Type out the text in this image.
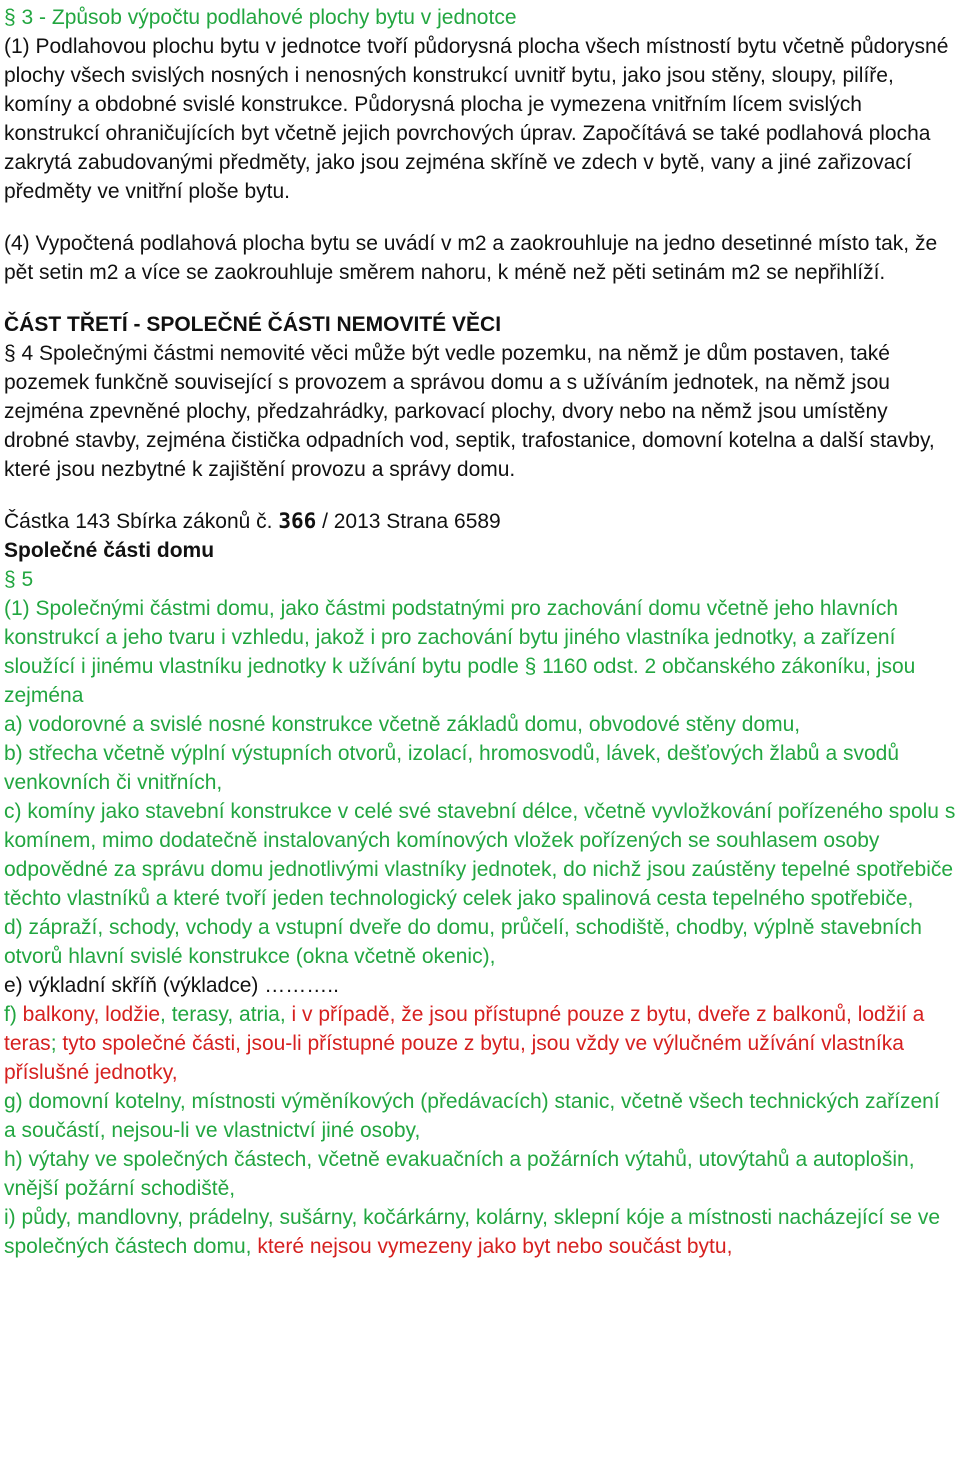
§ 3 - Způsob výpočtu podlahové plochy bytu v jednotce

(1) Podlahovou plochu bytu v jednotce tvoří půdorysná plocha všech místností bytu včetně půdorysné plochy všech svislých nosných i nenosných konstrukcí uvnitř bytu, jako jsou stěny, sloupy, pilíře, komíny a obdobné svislé konstrukce. Půdorysná plocha je vymezena vnitřním lícem svislých konstrukcí ohraničujících byt včetně jejich povrchových úprav. Započítává se také podlahová plocha zakrytá zabudovanými předměty, jako jsou zejména skříně ve zdech v bytě, vany a jiné zařizovací předměty ve vnitřní ploše bytu.

(4) Vypočtená podlahová plocha bytu se uvádí v m2 a zaokrouhluje na jedno desetinné místo tak, že pět setin m2 a více se zaokrouhluje směrem nahoru, k méně než pěti setinám m2 se nepřihlíží.

ČÁST TŘETÍ - SPOLEČNÉ ČÁSTI NEMOVITÉ VĚCI

§ 4 Společnými částmi nemovité věci může být vedle pozemku, na němž je dům postaven, také pozemek funkčně související s provozem a správou domu a s užíváním jednotek, na němž jsou zejména zpevněné plochy, předzahrádky, parkovací plochy, dvory nebo na němž jsou umístěny drobné stavby, zejména čistička odpadních vod, septik, trafostanice, domovní kotelna a další stavby, které jsou nezbytné k zajištění provozu a správy domu.

Částka 143 Sbírka zákonů č. 366 / 2013 Strana 6589

Společné části domu

§ 5

(1) Společnými částmi domu, jako částmi podstatnými pro zachování domu včetně jeho hlavních konstrukcí a jeho tvaru i vzhledu, jakož i pro zachování bytu jiného vlastníka jednotky, a zařízení sloužící i jinému vlastníku jednotky k užívání bytu podle § 1160 odst. 2 občanského zákoníku, jsou zejména

a) vodorovné a svislé nosné konstrukce včetně základů domu, obvodové stěny domu,

b) střecha včetně výplní výstupních otvorů, izolací, hromosvodů, lávek, dešťových žlabů a svodů venkovních či vnitřních,

c) komíny jako stavební konstrukce v celé své stavební délce, včetně vyvložkování pořízeného spolu s komínem, mimo dodatečně instalovaných komínových vložek pořízených se souhlasem osoby odpovědné za správu domu jednotlivými vlastníky jednotek, do nichž jsou zaústěny tepelné spotřebiče těchto vlastníků a které tvoří jeden technologický celek jako spalinová cesta tepelného spotřebiče,

d) zápraží, schody, vchody a vstupní dveře do domu, průčelí, schodiště, chodby, výplně stavebních otvorů hlavní svislé konstrukce (okna včetně okenic),

e) výkladní skříň (výkladce) ………..

f) balkony, lodžie, terasy, atria, i v případě, že jsou přístupné pouze z bytu, dveře z balkonů, lodžií a teras; tyto společné části, jsou-li přístupné pouze z bytu, jsou vždy ve výlučném užívání vlastníka příslušné jednotky,

g) domovní kotelny, místnosti výměníkových (předávacích) stanic, včetně všech technických zařízení a součástí, nejsou-li ve vlastnictví jiné osoby,

h) výtahy ve společných částech, včetně evakuačních a požárních výtahů, utovýtahů a autoplošin, vnější požární schodiště,

i) půdy, mandlovny, prádelny, sušárny, kočárkárny, kolárny, sklepní kóje a místnosti nacházející se ve společných částech domu, které nejsou vymezeny jako byt nebo součást bytu,
